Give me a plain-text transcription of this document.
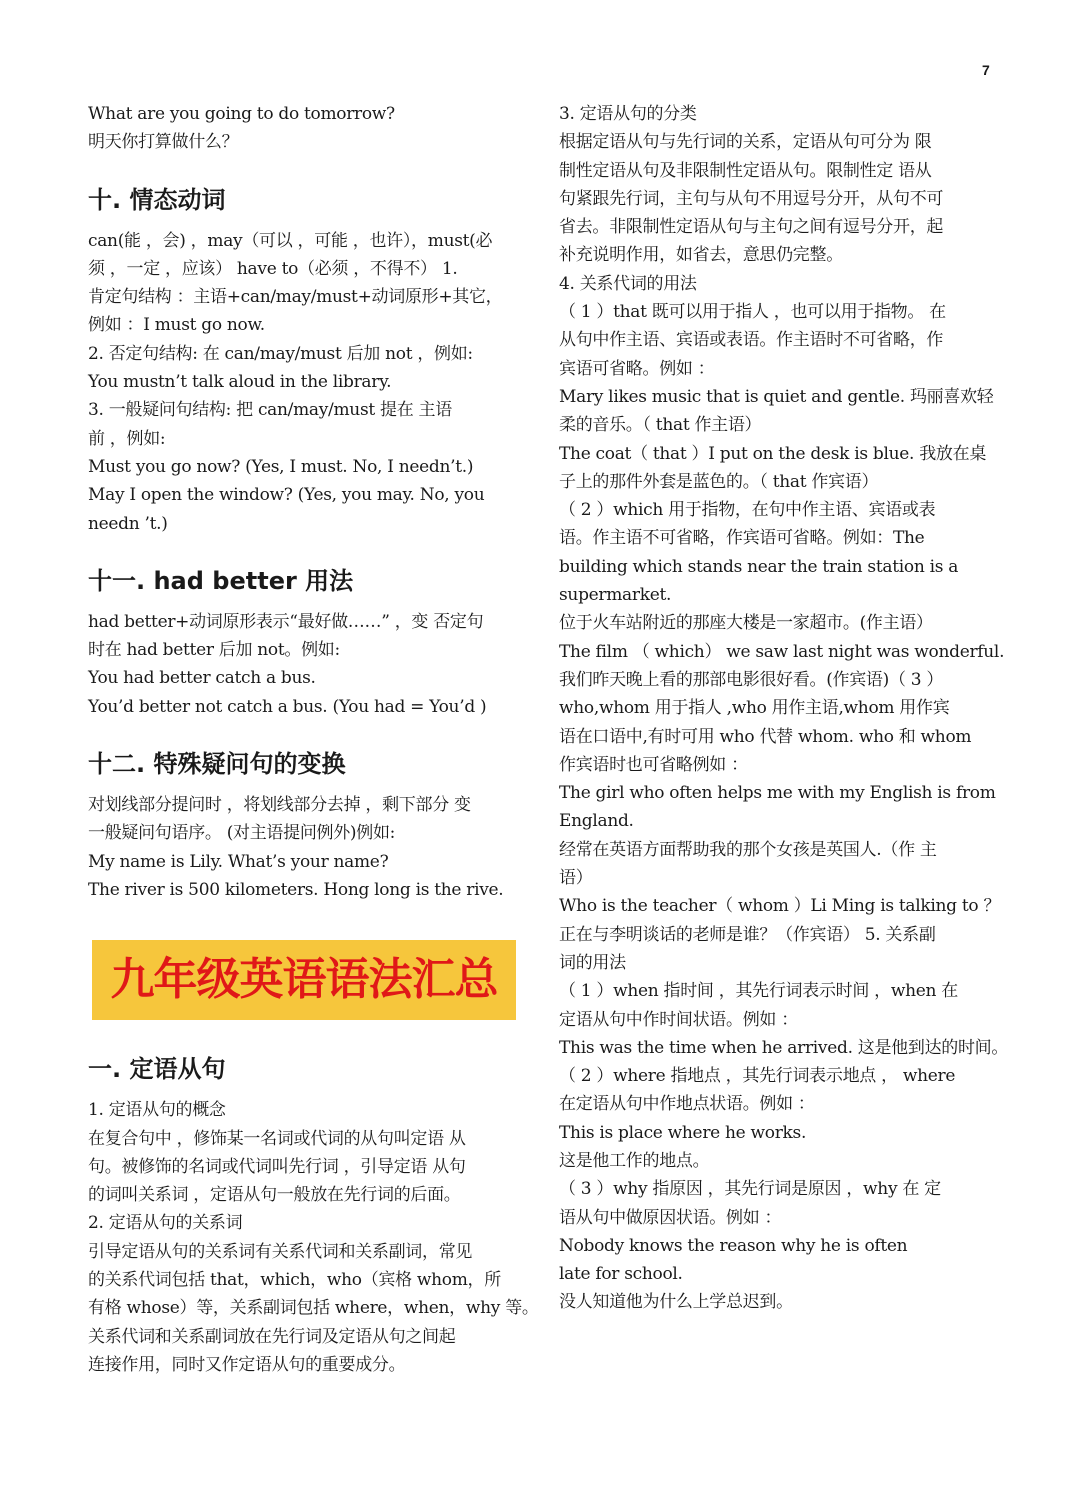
7
What are you going to do tomorrow?
明天你打算做什么？
十. 情态动词
can(能 ，会) ，may（可以 ，可能 ，也许），must(必
须 ，一定 ，应该） have to（必须 ，不得不） 1.
肯定句结构 ：主语+can/may/must+动词原形+其它，
例如 ：I must go now.
2. 否定句结构: 在 can/may/must 后加 not ，例如:
You mustn’t talk aloud in the library.
3. 一般疑问句结构: 把 can/may/must 提在 主语
前 ，例如:
Must you go now? (Yes, I must. No, I needn’t.)
May I open the window? (Yes, you may. No, you
needn ’t.)
十一. had better 用法
had better+动词原形表示“最好做……” ，变 否定句
时在 had better 后加 not。例如:
You had better catch a bus.
You’d better not catch a bus. (You had = You’d )
十二. 特殊疑问句的变换
对划线部分提问时 ，将划线部分去掉 ，剩下部分 变
一般疑问句语序。 (对主语提问例外)例如:
My name is Lily. What’s your name?
The river is 500 kilometers. Hong long is the rive.
九年级英语语法汇总
一. 定语从句
1. 定语从句的概念
在复合句中 ，修饰某一名词或代词的从句叫定语 从
句。被修饰的名词或代词叫先行词 ，引导定语 从句
的词叫关系词 ，定语从句一般放在先行词的后面。
2. 定语从句的关系词
引导定语从句的关系词有关系代词和关系副词，常见
的关系代词包括 that，which，who（宾格 whom，所
有格 whose）等，关系副词包括 where，when，why 等。
关系代词和关系副词放在先行词及定语从句之间起
连接作用，同时又作定语从句的重要成分。
3. 定语从句的分类
根据定语从句与先行词的关系，定语从句可分为 限
制性定语从句及非限制性定语从句。限制性定 语从
句紧跟先行词，主句与从句不用逗号分开，从句不可
省去。非限制性定语从句与主句之间有逗号分开，起
补充说明作用，如省去，意思仍完整。
4. 关系代词的用法
（ 1 ）that 既可以用于指人 ，也可以用于指物。 在
从句中作主语、宾语或表语。作主语时不可省略，作
宾语可省略。例如 ：
Mary likes music that is quiet and gentle. 玛丽喜欢轻
柔的音乐。（ that 作主语）
The coat（ that ）I put on the desk is blue. 我放在桌
子上的那件外套是蓝色的。（ that 作宾语）
（ 2 ）which 用于指物，在句中作主语、宾语或表
语。作主语不可省略，作宾语可省略。例如：The
building which stands near the train station is a
supermarket.
位于火车站附近的那座大楼是一家超市。(作主语）
The film （ which） we saw last night was wonderful.
我们昨天晚上看的那部电影很好看。(作宾语)（ 3 ）
who,whom 用于指人 ,who 用作主语,whom 用作宾
语在口语中,有时可用 who 代替 whom. who 和 whom
作宾语时也可省略例如 ：
The girl who often helps me with my English is from
England.
经常在英语方面帮助我的那个女孩是英国人.（作 主
语）
Who is the teacher（ whom ）Li Ming is talking to ？
正在与李明谈话的老师是谁？（作宾语） 5. 关系副
词的用法
（ 1 ）when 指时间 ，其先行词表示时间 ，when 在
定语从句中作时间状语。例如 ：
This was the time when he arrived. 这是他到达的时间。
（ 2 ）where 指地点 ，其先行词表示地点 ， where
在定语从句中作地点状语。例如 ：
This is place where he works.
这是他工作的地点。
（ 3 ）why 指原因 ，其先行词是原因 ，why 在 定
语从句中做原因状语。例如 ：
Nobody knows the reason why he is often
late for school.
没人知道他为什么上学总迟到。
